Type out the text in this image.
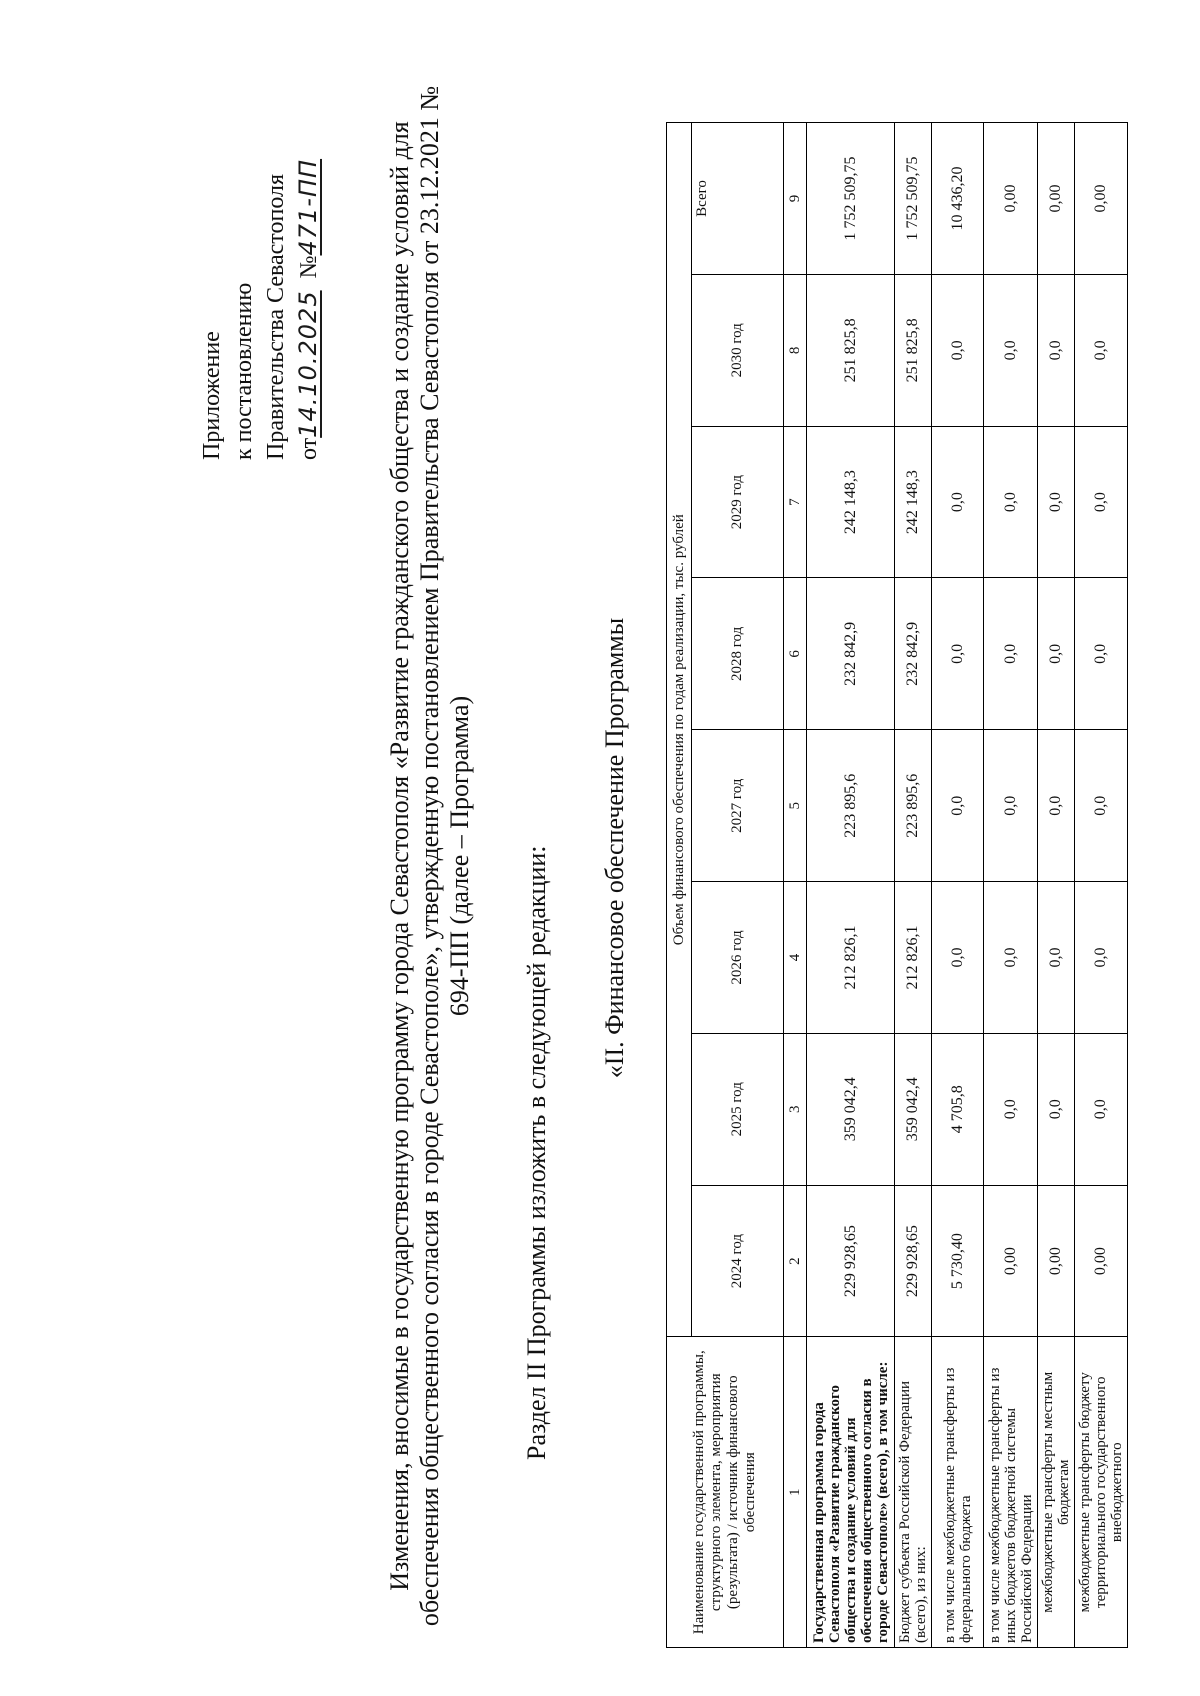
Приложение к постановлению Правительства Севастополя от14.10.2025  №471-ПП Изменения, вносимые в государственную программу города Севастополя «Развитие гражданского общества и создание условий для обеспечения общественного согласия в городе Севастополе», утвержденную постановлением Правительства Севастополя от 23.12.2021 № 694-ПП (далее – Программа) Раздел II Программы изложить в следующей редакции: «II. Финансовое обеспечение Программы
Наименование государственной программы, структурного элемента, мероприятия (результата) / источник финансового обеспечения	Объем финансового обеспечения по годам реализации, тыс. рублей							
	2024 год	2025 год	2026 год	2027 год	2028 год	2029 год	2030 год	Всего
1	2	3	4	5	6	7	8	9
Государственная программа города Севастополя «Развитие гражданского общества и создание условий для обеспечения общественного согласия в городе Севастополе» (всего), в том числе:	229 928,65	359 042,4	212 826,1	223 895,6	232 842,9	242 148,3	251 825,8	1 752 509,75
Бюджет субъекта Российской Федерации (всего), из них:	229 928,65	359 042,4	212 826,1	223 895,6	232 842,9	242 148,3	251 825,8	1 752 509,75
в том числе межбюджетные трансферты из федерального бюджета	5 730,40	4 705,8	0,0	0,0	0,0	0,0	0,0	10 436,20
в том числе межбюджетные трансферты из иных бюджетов бюджетной системы Российской Федерации	0,00	0,0	0,0	0,0	0,0	0,0	0,0	0,00
межбюджетные трансферты местным бюджетам	0,00	0,0	0,0	0,0	0,0	0,0	0,0	0,00
межбюджетные трансферты бюджету территориального государственного внебюджетного	0,00	0,0	0,0	0,0	0,0	0,0	0,0	0,00
